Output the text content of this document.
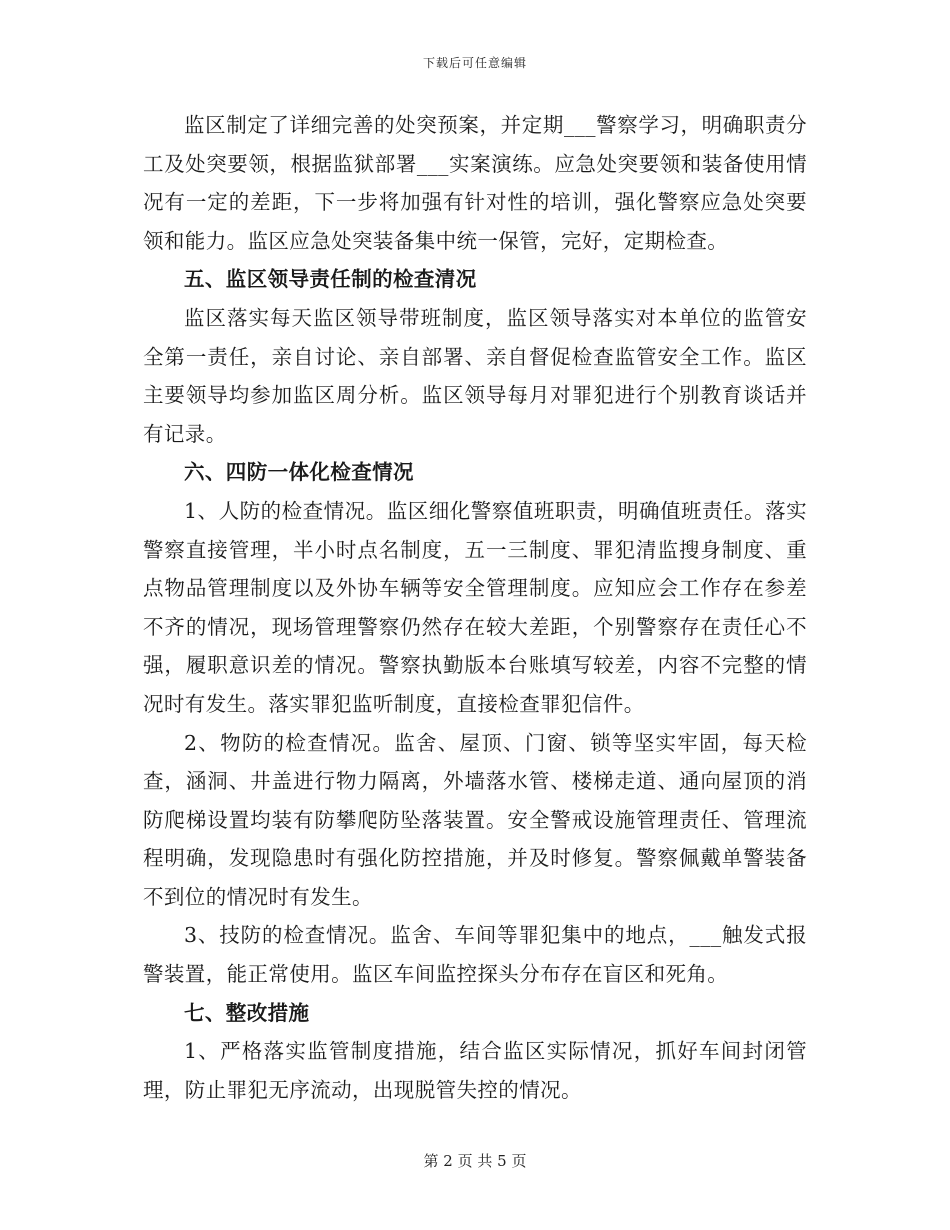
下载后可任意编辑

监区制定了详细完善的处突预案，并定期___警察学习，明确职责分工及处突要领，根据监狱部署___实案演练。应急处突要领和装备使用情况有一定的差距，下一步将加强有针对性的培训，强化警察应急处突要领和能力。监区应急处突装备集中统一保管，完好，定期检查。

五、监区领导责任制的检查清况

监区落实每天监区领导带班制度，监区领导落实对本单位的监管安全第一责任，亲自讨论、亲自部署、亲自督促检查监管安全工作。监区主要领导均参加监区周分析。监区领导每月对罪犯进行个别教育谈话并有记录。

六、四防一体化检查情况

1、人防的检查情况。监区细化警察值班职责，明确值班责任。落实警察直接管理，半小时点名制度，五一三制度、罪犯清监搜身制度、重点物品管理制度以及外协车辆等安全管理制度。应知应会工作存在参差不齐的情况，现场管理警察仍然存在较大差距，个别警察存在责任心不强，履职意识差的情况。警察执勤版本台账填写较差，内容不完整的情况时有发生。落实罪犯监听制度，直接检查罪犯信件。

2、物防的检查情况。监舍、屋顶、门窗、锁等坚实牢固，每天检查，涵洞、井盖进行物力隔离，外墙落水管、楼梯走道、通向屋顶的消防爬梯设置均装有防攀爬防坠落装置。安全警戒设施管理责任、管理流程明确，发现隐患时有强化防控措施，并及时修复。警察佩戴单警装备不到位的情况时有发生。

3、技防的检查情况。监舍、车间等罪犯集中的地点，___触发式报警装置，能正常使用。监区车间监控探头分布存在盲区和死角。

七、整改措施

1、严格落实监管制度措施，结合监区实际情况，抓好车间封闭管理，防止罪犯无序流动，出现脱管失控的情况。

第 2 页 共 5 页
